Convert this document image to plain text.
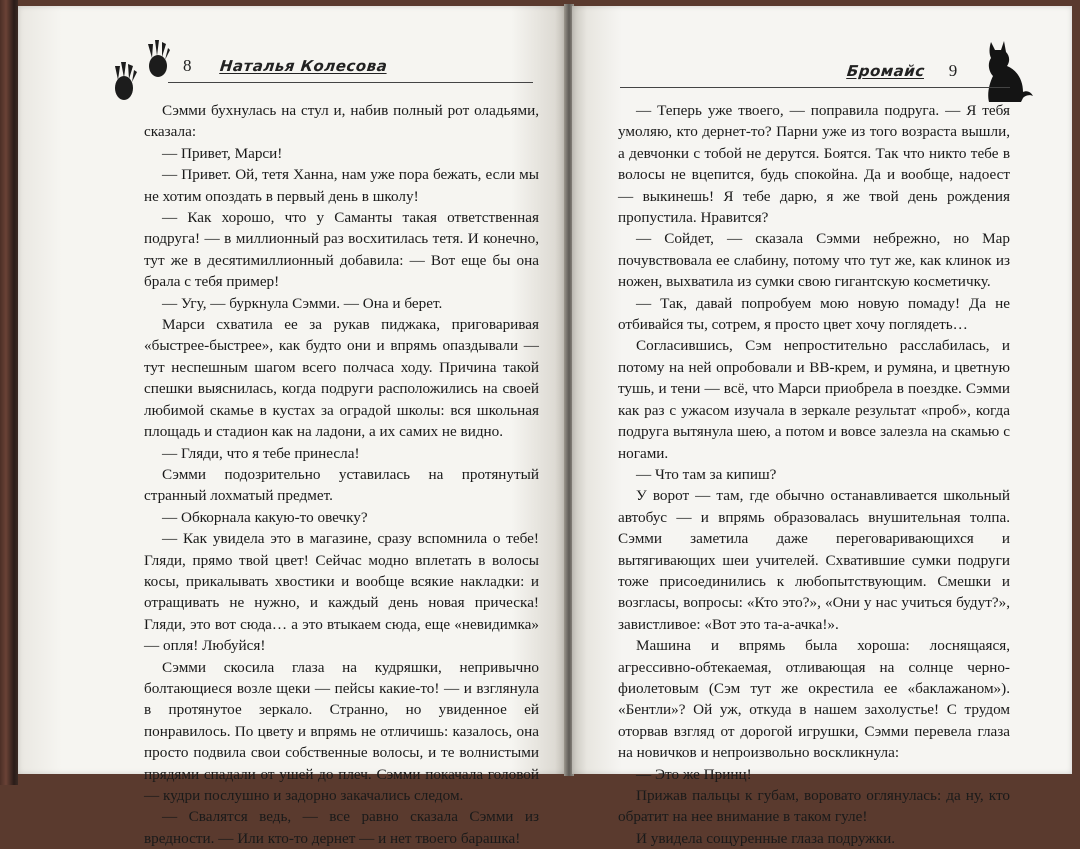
8 Наталья Колесова

Сэмми бухнулась на стул и, набив полный рот оладьями, сказала:

— Привет, Марси!

— Привет. Ой, тетя Ханна, нам уже пора бежать, если мы не хотим опоздать в первый день в школу!

— Как хорошо, что у Саманты такая ответственная подруга! — в миллионный раз восхитилась тетя. И конечно, тут же в десятимиллионный добавила: — Вот еще бы она брала с тебя пример!

— Угу, — буркнула Сэмми. — Она и берет.

Марси схватила ее за рукав пиджака, приговаривая «быстрее-быстрее», как будто они и впрямь опаздывали — тут неспешным шагом всего полчаса ходу. Причина такой спешки выяснилась, когда подруги расположились на своей любимой скамье в кустах за оградой школы: вся школьная площадь и стадион как на ладони, а их самих не видно.

— Гляди, что я тебе принесла!

Сэмми подозрительно уставилась на протянутый странный лохматый предмет.

— Обкорнала какую-то овечку?

— Как увидела это в магазине, сразу вспомнила о тебе! Гляди, прямо твой цвет! Сейчас модно вплетать в волосы косы, прикалывать хвостики и вообще всякие накладки: и отращивать не нужно, и каждый день новая прическа! Гляди, это вот сюда… а это втыкаем сюда, еще «невидимка» — опля! Любуйся!

Сэмми скосила глаза на кудряшки, непривычно болтающиеся возле щеки — пейсы какие-то! — и взглянула в протянутое зеркало. Странно, но увиденное ей понравилось. По цвету и впрямь не отличишь: казалось, она просто подвила свои собственные волосы, и те волнистыми прядями спадали от ушей до плеч. Сэмми покачала головой — кудри послушно и задорно закачались следом.

— Свалятся ведь, — все равно сказала Сэмми из вредности. — Или кто-то дернет — и нет твоего барашка!

Бромайс 9

— Теперь уже твоего, — поправила подруга. — Я тебя умоляю, кто дернет-то? Парни уже из того возраста вышли, а девчонки с тобой не дерутся. Боятся. Так что никто тебе в волосы не вцепится, будь спокойна. Да и вообще, надоест — выкинешь! Я тебе дарю, я же твой день рождения пропустила. Нравится?

— Сойдет, — сказала Сэмми небрежно, но Мар почувствовала ее слабину, потому что тут же, как клинок из ножен, выхватила из сумки свою гигантскую косметичку.

— Так, давай попробуем мою новую помаду! Да не отбивайся ты, сотрем, я просто цвет хочу поглядеть…

Согласившись, Сэм непростительно расслабилась, и потому на ней опробовали и ВВ-крем, и румяна, и цветную тушь, и тени — всё, что Марси приобрела в поездке. Сэмми как раз с ужасом изучала в зеркале результат «проб», когда подруга вытянула шею, а потом и вовсе залезла на скамью с ногами.

— Что там за кипиш?

У ворот — там, где обычно останавливается школьный автобус — и впрямь образовалась внушительная толпа. Сэмми заметила даже переговаривающихся и вытягивающих шеи учителей. Схватившие сумки подруги тоже присоединились к любопытствующим. Смешки и возгласы, вопросы: «Кто это?», «Они у нас учиться будут?», завистливое: «Вот это та-а-ачка!».

Машина и впрямь была хороша: лоснящаяся, агрессивно-обтекаемая, отливающая на солнце черно-фиолетовым (Сэм тут же окрестила ее «баклажаном»). «Бентли»? Ой уж, откуда в нашем захолустье! С трудом оторвав взгляд от дорогой игрушки, Сэмми перевела глаза на новичков и непроизвольно воскликнула:

— Это же Принц!

Прижав пальцы к губам, воровато оглянулась: да ну, кто обратит на нее внимание в таком гуле!

И увидела сощуренные глаза подружки.
